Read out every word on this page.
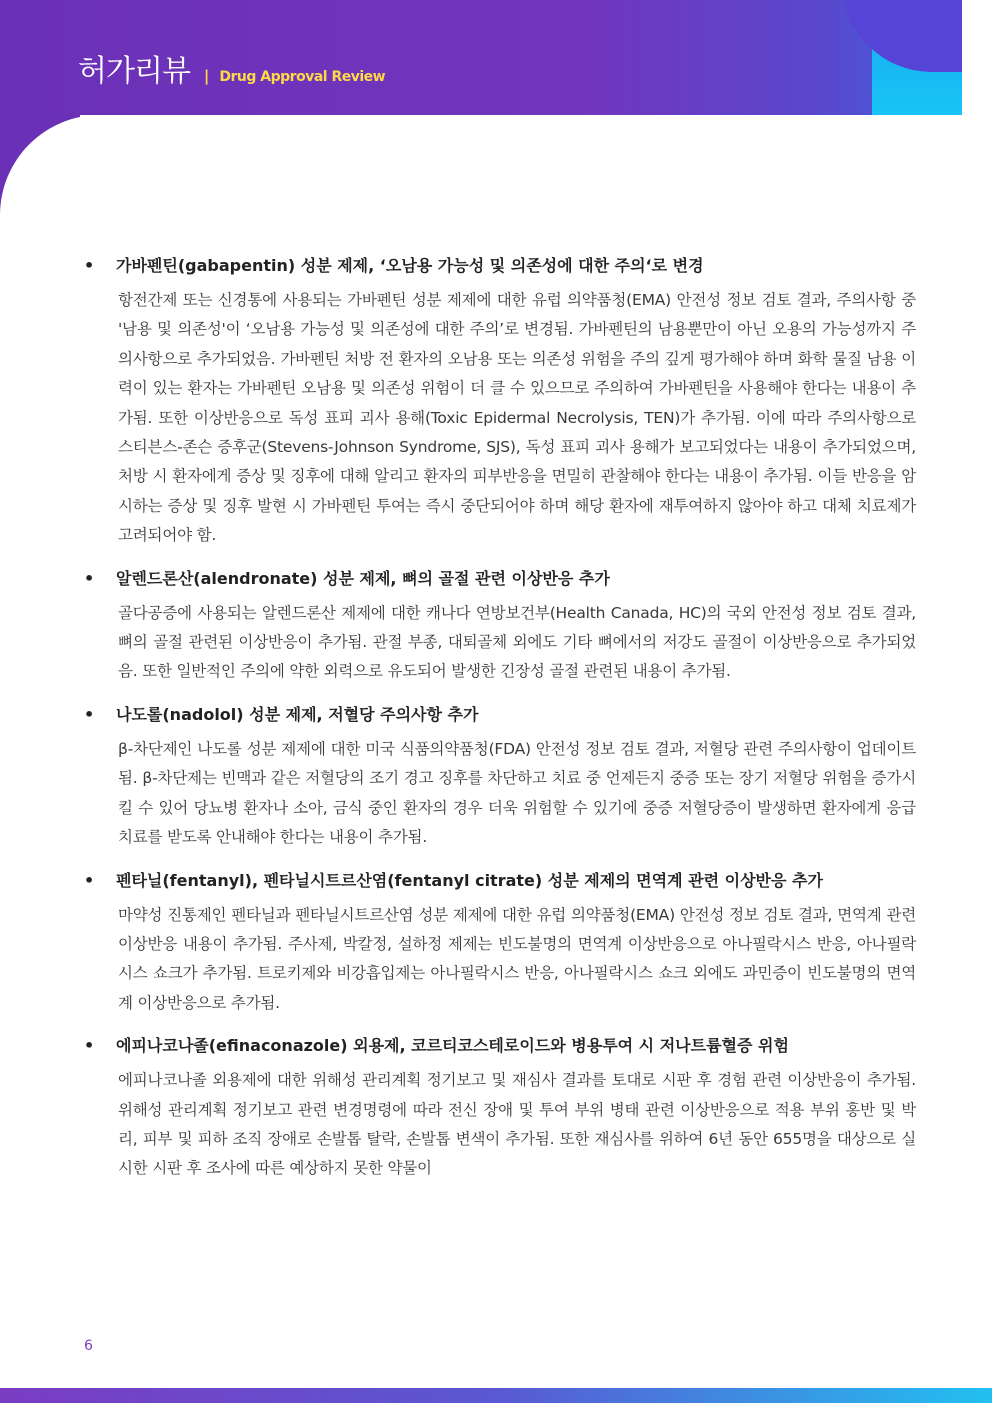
허가리뷰 | Drug Approval Review
•	가바펜틴(gabapentin) 성분 제제, ‘오남용 가능성 및 의존성에 대한 주의‘로 변경
항전간제 또는 신경통에 사용되는 가바펜틴 성분 제제에 대한 유럽 의약품청(EMA) 안전성 정보 검토 결과, 주의사항 중 '남용 및 의존성'이 ‘오남용 가능성 및 의존성에 대한 주의’로 변경됨. 가바펜틴의 남용뿐만이 아닌 오용의 가능성까지 주의사항으로 추가되었음. 가바펜틴 처방 전 환자의 오남용 또는 의존성 위험을 주의 깊게 평가해야 하며 화학 물질 남용 이력이 있는 환자는 가바펜틴 오남용 및 의존성 위험이 더 클 수 있으므로 주의하여 가바펜틴을 사용해야 한다는 내용이 추가됨. 또한 이상반응으로 독성 표피 괴사 용해(Toxic Epidermal Necrolysis, TEN)가 추가됨. 이에 따라 주의사항으로 스티븐스-존슨 증후군(Stevens-Johnson Syndrome, SJS), 독성 표피 괴사 용해가 보고되었다는 내용이 추가되었으며, 처방 시 환자에게 증상 및 징후에 대해 알리고 환자의 피부반응을 면밀히 관찰해야 한다는 내용이 추가됨. 이들 반응을 암시하는 증상 및 징후 발현 시 가바펜틴 투여는 즉시 중단되어야 하며 해당 환자에 재투여하지 않아야 하고 대체 치료제가 고려되어야 함.
•	알렌드론산(alendronate) 성분 제제, 뼈의 골절 관련 이상반응 추가
골다공증에 사용되는 알렌드론산 제제에 대한 캐나다 연방보건부(Health Canada, HC)의 국외 안전성 정보 검토 결과, 뼈의 골절 관련된 이상반응이 추가됨. 관절 부종, 대퇴골체 외에도 기타 뼈에서의 저강도 골절이 이상반응으로 추가되었음. 또한 일반적인 주의에 약한 외력으로 유도되어 발생한 긴장성 골절 관련된 내용이 추가됨.
•	나도롤(nadolol) 성분 제제, 저혈당 주의사항 추가
β-차단제인 나도롤 성분 제제에 대한 미국 식품의약품청(FDA) 안전성 정보 검토 결과, 저혈당 관련 주의사항이 업데이트됨. β-차단제는 빈맥과 같은 저혈당의 조기 경고 징후를 차단하고 치료 중 언제든지 중증 또는 장기 저혈당 위험을 증가시킬 수 있어 당뇨병 환자나 소아, 금식 중인 환자의 경우 더욱 위험할 수 있기에 중증 저혈당증이 발생하면 환자에게 응급 치료를 받도록 안내해야 한다는 내용이 추가됨.
•	펜타닐(fentanyl), 펜타닐시트르산염(fentanyl citrate) 성분 제제의 면역계 관련 이상반응 추가
마약성 진통제인 펜타닐과 펜타닐시트르산염 성분 제제에 대한 유럽 의약품청(EMA) 안전성 정보 검토 결과, 면역계 관련 이상반응 내용이 추가됨. 주사제, 박칼정, 설하정 제제는 빈도불명의 면역계 이상반응으로 아나필락시스 반응, 아나필락시스 쇼크가 추가됨. 트로키제와 비강흡입제는 아나필락시스 반응, 아나필락시스 쇼크 외에도 과민증이 빈도불명의 면역계 이상반응으로 추가됨.
•	에피나코나졸(efinaconazole) 외용제, 코르티코스테로이드와 병용투여 시 저나트륨혈증 위험
에피나코나졸 외용제에 대한 위해성 관리계획 정기보고 및 재심사 결과를 토대로 시판 후 경험 관련 이상반응이 추가됨. 위해성 관리계획 정기보고 관련 변경명령에 따라 전신 장애 및 투여 부위 병태 관련 이상반응으로 적용 부위 홍반 및 박리, 피부 및 피하 조직 장애로 손발톱 탈락, 손발톱 변색이 추가됨. 또한 재심사를 위하여 6년 동안 655명을 대상으로 실시한 시판 후 조사에 따른 예상하지 못한 약물이
6
